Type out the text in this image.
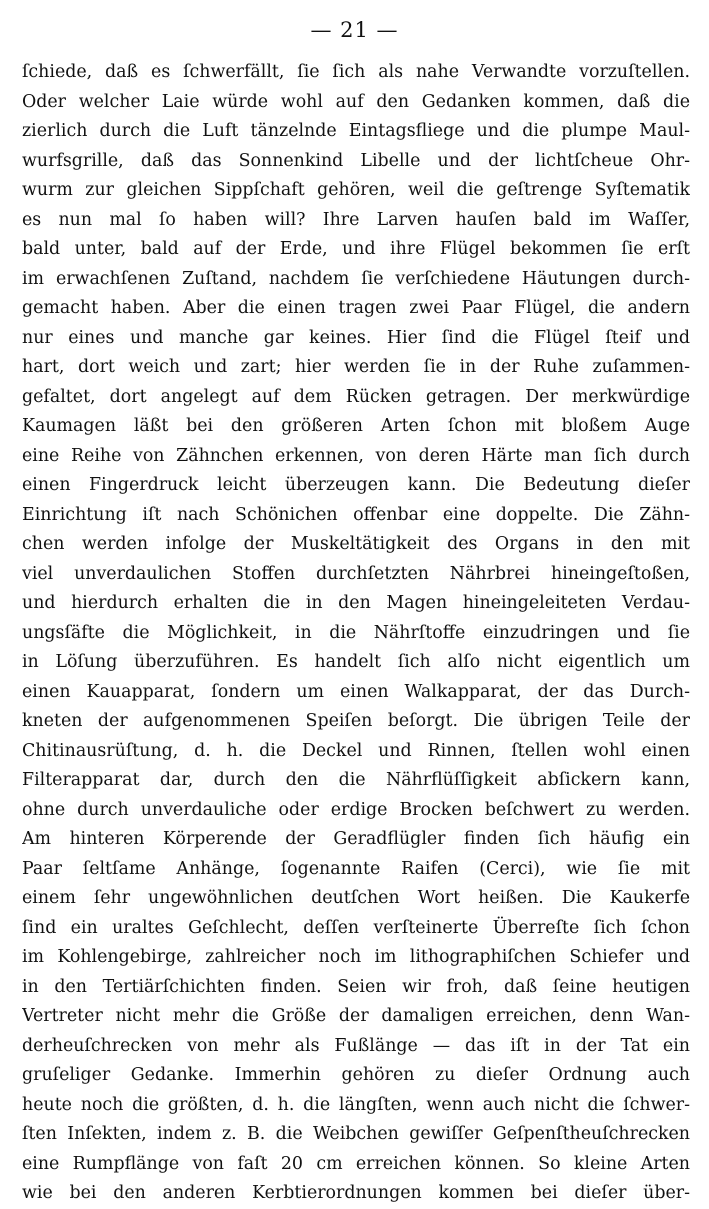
— 21 —
ſchiede, daß es ſchwerfällt, ſie ſich als nahe Verwandte vorzuſtellen.
Oder welcher Laie würde wohl auf den Gedanken kommen, daß die
zierlich durch die Luft tänzelnde Eintagsfliege und die plumpe Maul-
wurfsgrille, daß das Sonnenkind Libelle und der lichtſcheue Ohr-
wurm zur gleichen Sippſchaft gehören, weil die geſtrenge Syſtematik
es nun mal ſo haben will? Ihre Larven hauſen bald im Waſſer,
bald unter, bald auf der Erde, und ihre Flügel bekommen ſie erſt
im erwachſenen Zuſtand, nachdem ſie verſchiedene Häutungen durch-
gemacht haben. Aber die einen tragen zwei Paar Flügel, die andern
nur eines und manche gar keines. Hier ſind die Flügel ſteif und
hart, dort weich und zart; hier werden ſie in der Ruhe zuſammen-
gefaltet, dort angelegt auf dem Rücken getragen. Der merkwürdige
Kaumagen läßt bei den größeren Arten ſchon mit bloßem Auge
eine Reihe von Zähnchen erkennen, von deren Härte man ſich durch
einen Fingerdruck leicht überzeugen kann. Die Bedeutung dieſer
Einrichtung iſt nach Schönichen offenbar eine doppelte. Die Zähn-
chen werden infolge der Muskeltätigkeit des Organs in den mit
viel unverdaulichen Stoffen durchſetzten Nährbrei hineingeſtoßen,
und hierdurch erhalten die in den Magen hineingeleiteten Verdau-
ungsſäfte die Möglichkeit, in die Nährſtoffe einzudringen und ſie
in Löſung überzuführen. Es handelt ſich alſo nicht eigentlich um
einen Kauapparat, ſondern um einen Walkapparat, der das Durch-
kneten der aufgenommenen Speiſen beſorgt. Die übrigen Teile der
Chitinausrüſtung, d. h. die Deckel und Rinnen, ſtellen wohl einen
Filterapparat dar, durch den die Nährflüſſigkeit abſickern kann,
ohne durch unverdauliche oder erdige Brocken beſchwert zu werden.
Am hinteren Körperende der Geradflügler finden ſich häufig ein
Paar ſeltſame Anhänge, ſogenannte Raifen (Cerci), wie ſie mit
einem ſehr ungewöhnlichen deutſchen Wort heißen. Die Kaukerfe
ſind ein uraltes Geſchlecht, deſſen verſteinerte Überreſte ſich ſchon
im Kohlengebirge, zahlreicher noch im lithographiſchen Schiefer und
in den Tertiärſchichten finden. Seien wir froh, daß ſeine heutigen
Vertreter nicht mehr die Größe der damaligen erreichen, denn Wan-
derheuſchrecken von mehr als Fußlänge — das iſt in der Tat ein
gruſeliger Gedanke. Immerhin gehören zu dieſer Ordnung auch
heute noch die größten, d. h. die längſten, wenn auch nicht die ſchwer-
ſten Inſekten, indem z. B. die Weibchen gewiſſer Geſpenſtheuſchrecken
eine Rumpflänge von faſt 20 cm erreichen können. So kleine Arten
wie bei den anderen Kerbtierordnungen kommen bei dieſer über-
